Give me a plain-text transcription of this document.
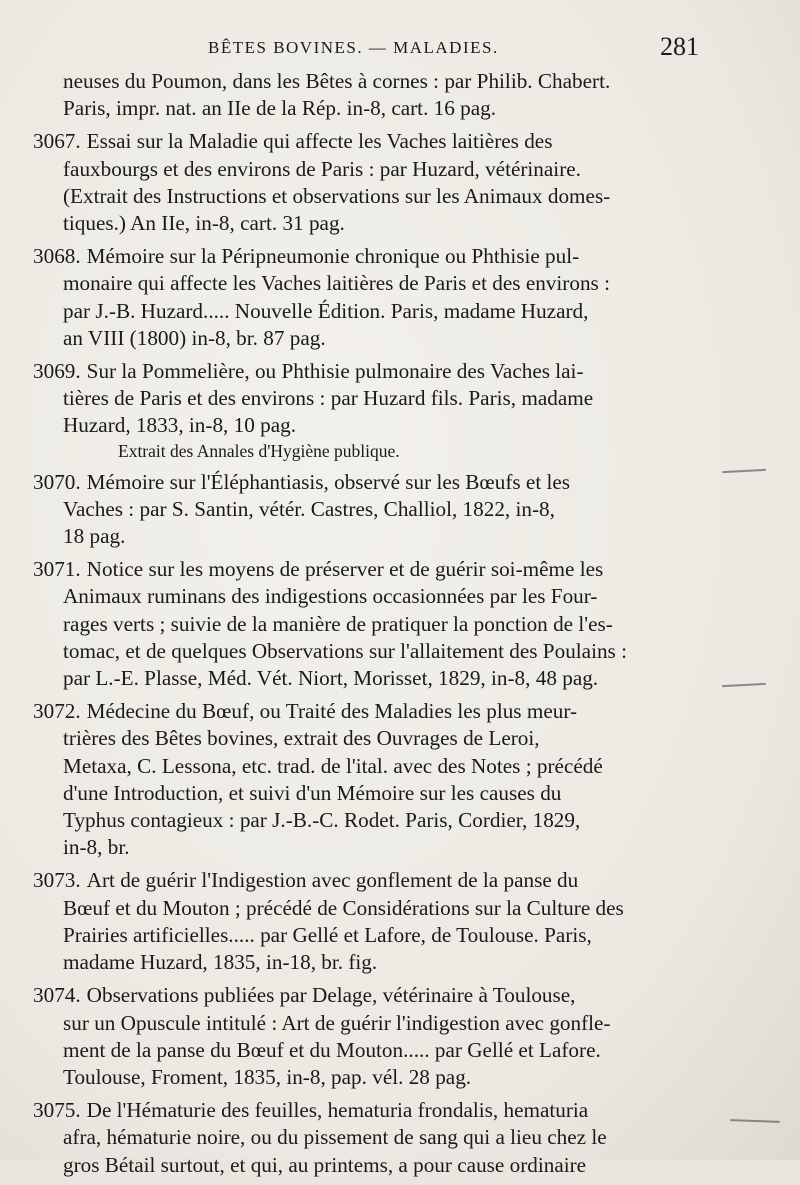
BÊTES BOVINES. — MALADIES.	281
neuses du Poumon, dans les Bêtes à cornes : par Philib. Chabert.
Paris, impr. nat. an IIe de la Rép. in-8, cart. 16 pag.
3067. Essai sur la Maladie qui affecte les Vaches laitières des
fauxbourgs et des environs de Paris : par Huzard, vétérinaire.
(Extrait des Instructions et observations sur les Animaux domes-
tiques.) An IIe, in-8, cart. 31 pag.
3068. Mémoire sur la Péripneumonie chronique ou Phthisie pul-
monaire qui affecte les Vaches laitières de Paris et des environs :
par J.-B. Huzard..... Nouvelle Édition. Paris, madame Huzard,
an VIII (1800) in-8, br. 87 pag.
3069. Sur la Pommelière, ou Phthisie pulmonaire des Vaches lai-
tières de Paris et des environs : par Huzard fils. Paris, madame
Huzard, 1833, in-8, 10 pag.
Extrait des Annales d'Hygiène publique.
3070. Mémoire sur l'Éléphantiasis, observé sur les Bœufs et les
Vaches : par S. Santin, vétér. Castres, Challiol, 1822, in-8,
18 pag.
3071. Notice sur les moyens de préserver et de guérir soi-même les
Animaux ruminans des indigestions occasionnées par les Four-
rages verts ; suivie de la manière de pratiquer la ponction de l'es-
tomac, et de quelques Observations sur l'allaitement des Poulains :
par L.-E. Plasse, Méd. Vét. Niort, Morisset, 1829, in-8, 48 pag.
3072. Médecine du Bœuf, ou Traité des Maladies les plus meur-
trières des Bêtes bovines, extrait des Ouvrages de Leroi,
Metaxa, C. Lessona, etc. trad. de l'ital. avec des Notes ; précédé
d'une Introduction, et suivi d'un Mémoire sur les causes du
Typhus contagieux : par J.-B.-C. Rodet. Paris, Cordier, 1829,
in-8, br.
3073. Art de guérir l'Indigestion avec gonflement de la panse du
Bœuf et du Mouton ; précédé de Considérations sur la Culture des
Prairies artificielles..... par Gellé et Lafore, de Toulouse. Paris,
madame Huzard, 1835, in-18, br. fig.
3074. Observations publiées par Delage, vétérinaire à Toulouse,
sur un Opuscule intitulé : Art de guérir l'indigestion avec gonfle-
ment de la panse du Bœuf et du Mouton..... par Gellé et Lafore.
Toulouse, Froment, 1835, in-8, pap. vél. 28 pag.
3075. De l'Hématurie des feuilles, hematuria frondalis, hematuria
afra, hématurie noire, ou du pissement de sang qui a lieu chez le
gros Bétail surtout, et qui, au printems, a pour cause ordinaire
